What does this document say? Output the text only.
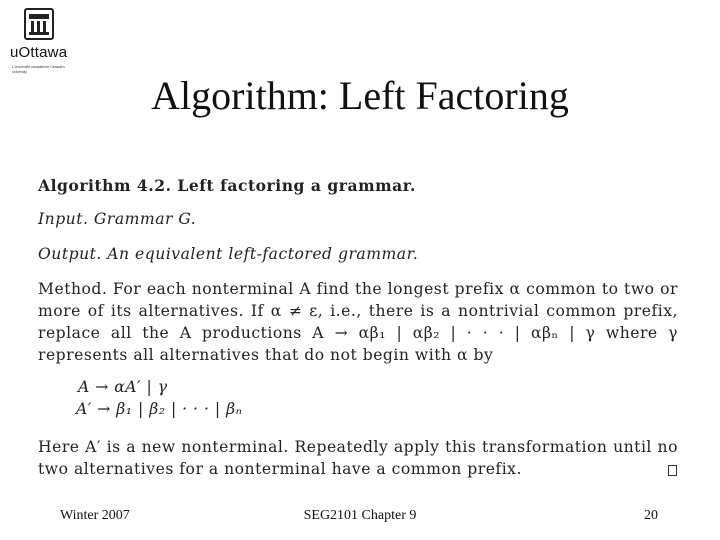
uOttawa
L'Université canadienne Canada's university
Algorithm: Left Factoring
Algorithm 4.2. Left factoring a grammar.
Input. Grammar G.
Output. An equivalent left-factored grammar.
Method. For each nonterminal A find the longest prefix α common to two or
more of its alternatives. If α ≠ ε, i.e., there is a nontrivial common prefix,
replace all the A productions A → αβ₁ | αβ₂ | · · · | αβₙ | γ where γ
represents all alternatives that do not begin with α by
A → αA′ | γ
A′ → β₁ | β₂ | · · · | βₙ
Here A′ is a new nonterminal. Repeatedly apply this transformation until no
two alternatives for a nonterminal have a common prefix.
Winter 2007	SEG2101 Chapter 9	20
